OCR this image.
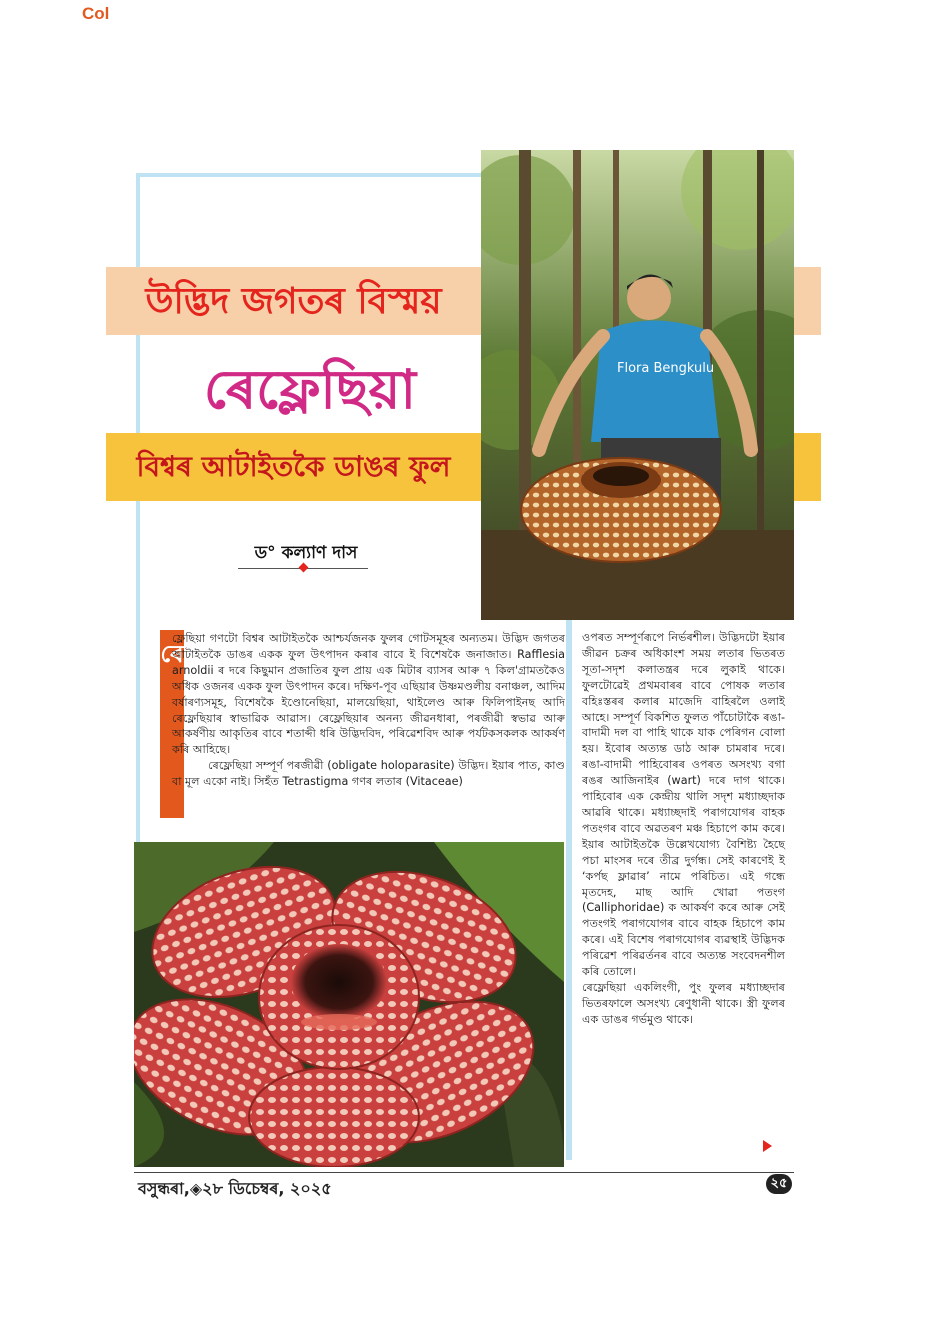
Col
উদ্ভিদ জগতৰ বিস্ময়
ৰেফ্লেছিয়া
বিশ্বৰ আটাইতকৈ ডাঙৰ ফুল
Flora Bengkulu
ড° কল্যাণ দাস
ৰে

ফ্লেছিয়া গণটো বিশ্বৰ আটাইতকৈ আশ্চৰ্যজনক ফুলৰ গোটসমূহৰ অন্যতম। উদ্ভিদ জগতৰ আটাইতকৈ ডাঙৰ একক ফুল উৎপাদন কৰাৰ বাবে ই বিশেষকৈ জনাজাত। Rafflesia arnoldii ৰ দৰে কিছুমান প্ৰজাতিৰ ফুল প্ৰায় এক মিটাৰ ব্যাসৰ আৰু ৭ কিল'গ্ৰামতকৈও অধিক ওজনৰ একক ফুল উৎপাদন কৰে। দক্ষিণ-পূব এছিয়াৰ উষ্ণমণ্ডলীয় বনাঞ্চল, আদিম বৰ্ষাৰণ্যসমূহ, বিশেষকৈ ইণ্ডোনেছিয়া, মালয়েছিয়া, থাইলেণ্ড আৰু ফিলিপাইনছ আদি ৰেফ্লেছিয়াৰ স্বাভাৱিক আৱাস। ৰেফ্লেছিয়াৰ অনন্য জীৱনধাৰা, পৰজীৱী স্বভাৱ আৰু আকৰ্ষণীয় আকৃতিৰ বাবে শতাব্দী ধৰি উদ্ভিদবিদ, পৰিৱেশবিদ আৰু পৰ্যটকসকলক আকৰ্ষণ কৰি আহিছে।

ৰেফ্লেছিয়া সম্পূৰ্ণ পৰজীৱী (obligate holoparasite) উদ্ভিদ। ইয়াৰ পাত, কাণ্ড বা মূল একো নাই। সিহঁত Tetrastigma গণৰ লতাৰ (Vitaceae)

ওপৰত সম্পূৰ্ণৰূপে নিৰ্ভৰশীল। উদ্ভিদটো ইয়াৰ জীৱন চক্ৰৰ অধিকাংশ সময় লতাৰ ভিতৰত সূতা-সদৃশ কলাতন্ত্ৰৰ দৰে লুকাই থাকে। ফুলটোৱেই প্ৰথমবাৰৰ বাবে পোষক লতাৰ বহিঃস্তৰৰ কলাৰ মাজেদি বাহিৰলৈ ওলাই আহে। সম্পূৰ্ণ বিকশিত ফুলত পাঁচোটাকৈ ৰঙা-বাদামী দল বা পাহি থাকে যাক পেৰিগন বোলা হয়। ইবোৰ অত্যন্ত ডাঠ আৰু চামৰাৰ দৰে। ৰঙা-বাদামী পাহিবোৰৰ ওপৰত অসংখ্য বগা ৰঙৰ আজিনাইৰ (wart) দৰে দাগ থাকে। পাহিবোৰ এক কেন্দ্ৰীয় থালি সদৃশ মধ্যাচ্ছদাক আৱৰি থাকে। মধ্যাচ্ছদাই পৰাগযোগৰ বাহক পতংগৰ বাবে অৱতৰণ মঞ্চ হিচাপে কাম কৰে। ইয়াৰ আটাইতকৈ উল্লেখযোগ্য বৈশিষ্ট্য হৈছে পচা মাংসৰ দৰে তীব্ৰ দুৰ্গন্ধ। সেই কাৰণেই ই ‘কৰ্পছ ফ্লাৱাৰ’ নামে পৰিচিত। এই গন্ধে মৃতদেহ, মাছ আদি খোৱা পতংগ (Calliphoridae) ক আকৰ্ষণ কৰে আৰু সেই পতংগই পৰাগযোগৰ বাবে বাহক হিচাপে কাম কৰে। এই বিশেষ পৰাগযোগৰ ব্যৱস্থাই উদ্ভিদক পৰিৱেশ পৰিৱৰ্তনৰ বাবে অত্যন্ত সংবেদনশীল কৰি তোলে।

ৰেফ্লেছিয়া একলিংগী, পুং ফুলৰ মধ্যাচ্ছদাৰ ভিতৰফালে অসংখ্য ৰেণুধানী থাকে। স্ত্ৰী ফুলৰ এক ডাঙৰ গৰ্ভমুণ্ড থাকে।

বসুন্ধৰা,◈২৮ ডিচেম্বৰ, ২০২৫	২৫
